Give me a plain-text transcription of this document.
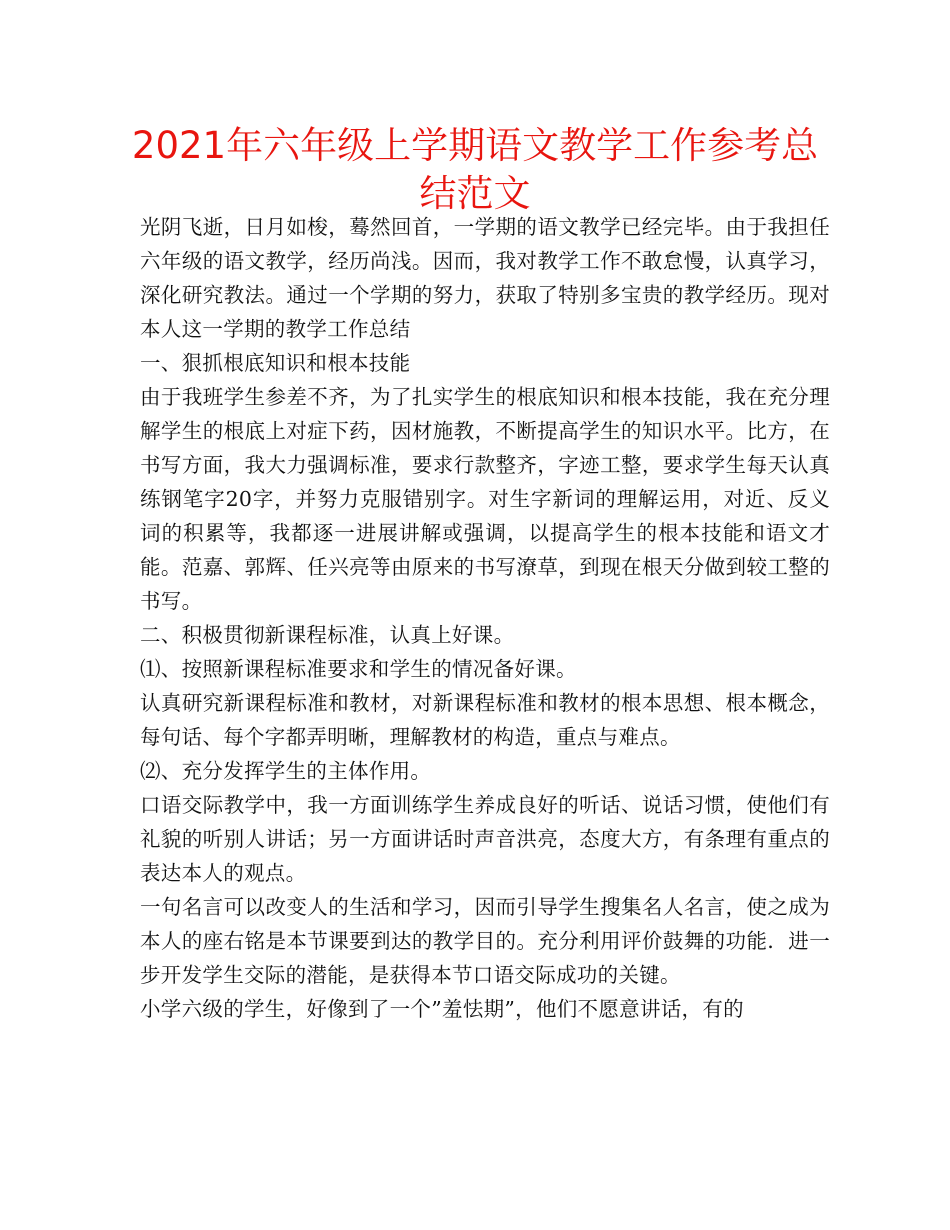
2021年六年级上学期语文教学工作参考总结范文

光阴飞逝，日月如梭，蓦然回首，一学期的语文教学已经完毕。由于我担任六年级的语文教学，经历尚浅。因而，我对教学工作不敢怠慢，认真学习，深化研究教法。通过一个学期的努力，获取了特别多宝贵的教学经历。现对本人这一学期的教学工作总结

一、狠抓根底知识和根本技能

由于我班学生参差不齐，为了扎实学生的根底知识和根本技能，我在充分理解学生的根底上对症下药，因材施教，不断提高学生的知识水平。比方，在书写方面，我大力强调标准，要求行款整齐，字迹工整，要求学生每天认真练钢笔字20字，并努力克服错别字。对生字新词的理解运用，对近、反义词的积累等，我都逐一进展讲解或强调，以提高学生的根本技能和语文才能。范嘉、郭辉、任兴亮等由原来的书写潦草，到现在根天分做到较工整的书写。

二、积极贯彻新课程标准，认真上好课。

⑴、按照新课程标准要求和学生的情况备好课。

认真研究新课程标准和教材，对新课程标准和教材的根本思想、根本概念，每句话、每个字都弄明晰，理解教材的构造，重点与难点。

⑵、充分发挥学生的主体作用。

口语交际教学中，我一方面训练学生养成良好的听话、说话习惯，使他们有礼貌的听别人讲话；另一方面讲话时声音洪亮，态度大方，有条理有重点的表达本人的观点。

一句名言可以改变人的生活和学习，因而引导学生搜集名人名言，使之成为本人的座右铭是本节课要到达的教学目的。充分利用评价鼓舞的功能．进一步开发学生交际的潜能，是获得本节口语交际成功的关键。

小学六级的学生，好像到了一个”羞怯期”，他们不愿意讲话，有的
